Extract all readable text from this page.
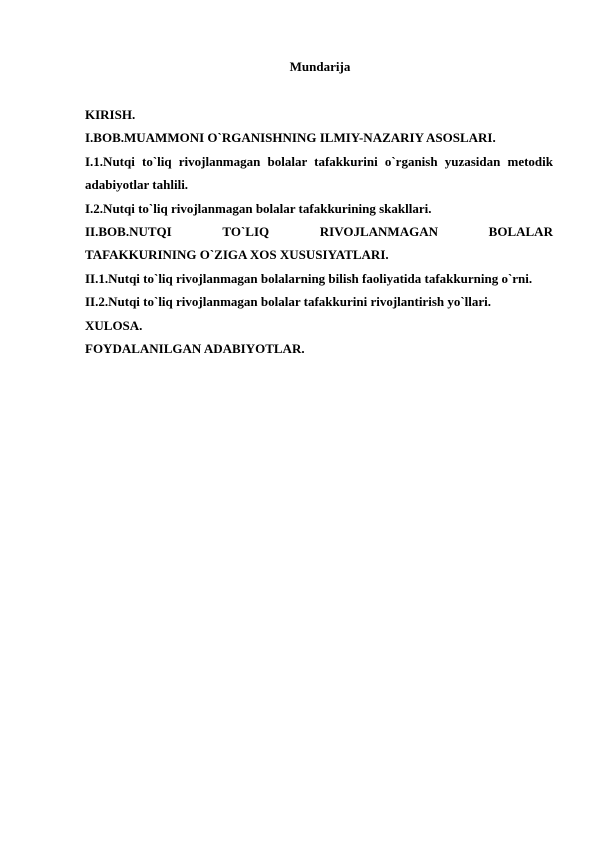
Mundarija

KIRISH.

I.BOB.MUAMMONI O`RGANISHNING ILMIY-NAZARIY ASOSLARI.

I.1.Nutqi to`liq rivojlanmagan bolalar tafakkurini o`rganish yuzasidan metodik adabiyotlar tahlili.

I.2.Nutqi to`liq rivojlanmagan bolalar tafakkurining skakllari.

II.BOB.NUTQI	TO`LIQ	RIVOJLANMAGAN	BOLALAR
TAFAKKURINING O`ZIGA XOS XUSUSIYATLARI.

II.1.Nutqi to`liq rivojlanmagan bolalarning bilish faoliyatida tafakkurning o`rni.

II.2.Nutqi to`liq rivojlanmagan bolalar tafakkurini rivojlantirish yo`llari.

XULOSA.

FOYDALANILGAN ADABIYOTLAR.
